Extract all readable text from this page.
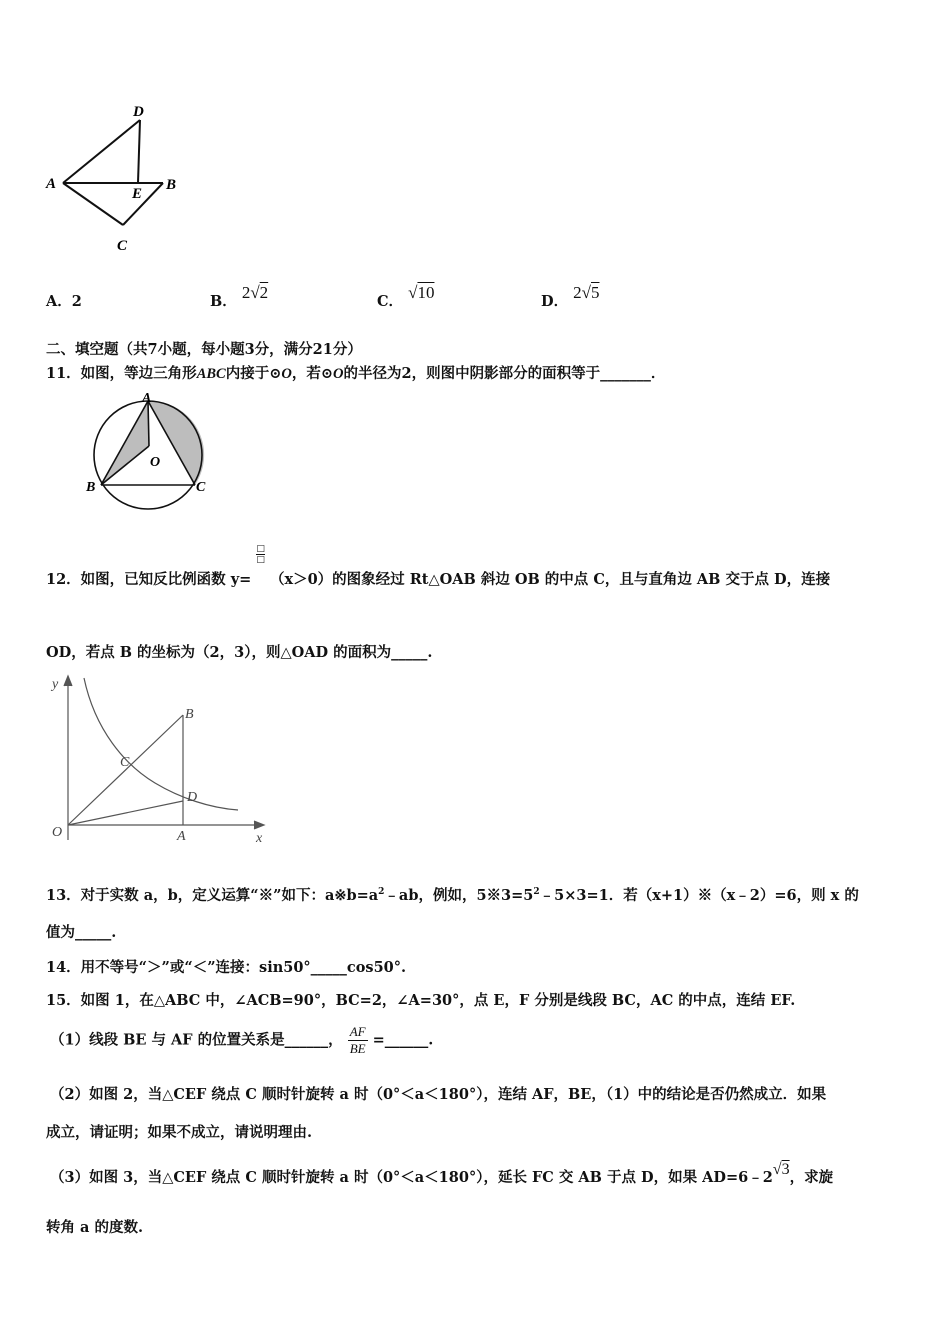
D
A
E
B
C
A．2	B． 2√2	C． √10	D． 2√5
二、填空题（共7小题，每小题3分，满分21分）
11．如图，等边三角形ABC内接于⊙O，若⊙O的半径为2，则图中阴影部分的面积等于_______．
A
B	C
O
12．如图，已知反比例函数 y=
□
□
（x＞0）的图象经过 Rt△OAB 斜边 OB 的中点 C，且与直角边 AB 交于点 D，连接
OD，若点 B 的坐标为（2，3），则△OAD 的面积为_____.
y
x
O	A
B
C
D
13．对于实数 a，b，定义运算“※”如下：$a※b=a^2﹣ab$，例如，$5※3=5^2﹣5\times 3=1$．若（x+1）※（x﹣2）=6，则 x 的
值为_____.
14．用不等号“＞”或“＜”连接：sin50°_____cos50°.
15．如图 1，在△ABC 中，∠ACB=90°，BC=2，∠A=30°，点 E，F 分别是线段 BC，AC 的中点，连结 EF.
（1）线段 BE 与 AF 的位置关系是______， $\frac{AF}{BE}$ =______.
（2）如图 2，当△CEF 绕点 C 顺时针旋转 a 时（0°＜a＜180°），连结 AF，BE，（1）中的结论是否仍然成立．如果
成立，请证明；如果不成立，请说明理由.
（3）如图 3，当△CEF 绕点 C 顺时针旋转 a 时（0°＜a＜180°），延长 FC 交 AB 于点 D，如果 AD=6﹣2√3，求旋
转角 a 的度数.
